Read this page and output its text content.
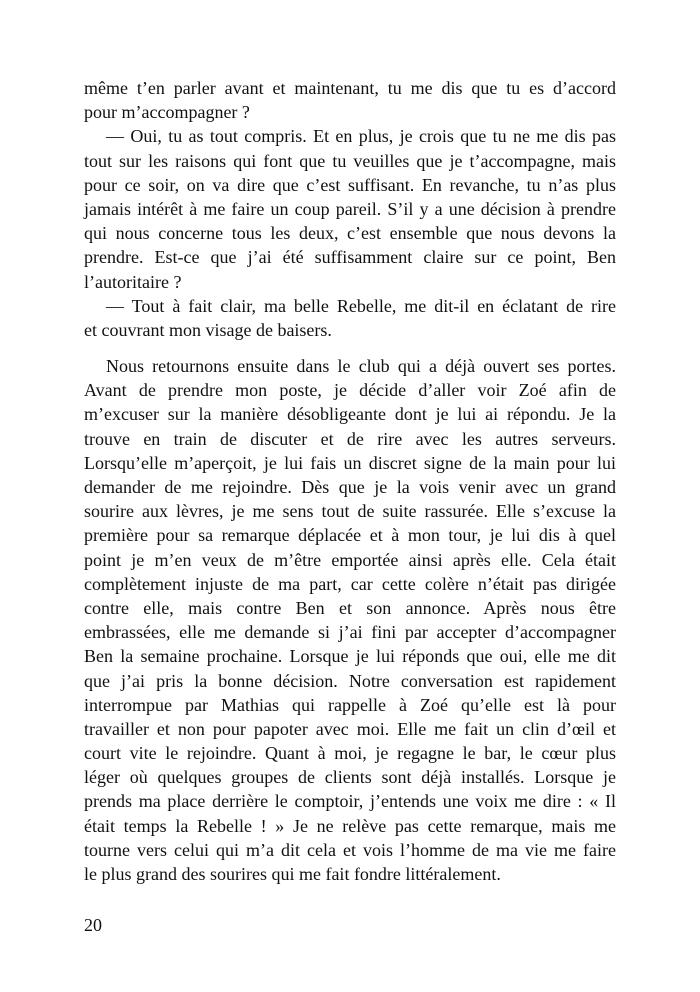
même t’en parler avant et maintenant, tu me dis que tu es d’accord
pour m’accompagner ?
— Oui, tu as tout compris. Et en plus, je crois que tu ne me dis pas
tout sur les raisons qui font que tu veuilles que je t’accompagne, mais
pour ce soir, on va dire que c’est suffisant. En revanche, tu n’as plus
jamais intérêt à me faire un coup pareil. S’il y a une décision à prendre
qui nous concerne tous les deux, c’est ensemble que nous devons la
prendre. Est-ce que j’ai été suffisamment claire sur ce point, Ben
l’autoritaire ?
— Tout à fait clair, ma belle Rebelle, me dit-il en éclatant de rire
et couvrant mon visage de baisers.
Nous retournons ensuite dans le club qui a déjà ouvert ses portes.
Avant de prendre mon poste, je décide d’aller voir Zoé afin de
m’excuser sur la manière désobligeante dont je lui ai répondu. Je la
trouve en train de discuter et de rire avec les autres serveurs.
Lorsqu’elle m’aperçoit, je lui fais un discret signe de la main pour lui
demander de me rejoindre. Dès que je la vois venir avec un grand
sourire aux lèvres, je me sens tout de suite rassurée. Elle s’excuse la
première pour sa remarque déplacée et à mon tour, je lui dis à quel
point je m’en veux de m’être emportée ainsi après elle. Cela était
complètement injuste de ma part, car cette colère n’était pas dirigée
contre elle, mais contre Ben et son annonce. Après nous être
embrassées, elle me demande si j’ai fini par accepter d’accompagner
Ben la semaine prochaine. Lorsque je lui réponds que oui, elle me dit
que j’ai pris la bonne décision. Notre conversation est rapidement
interrompue par Mathias qui rappelle à Zoé qu’elle est là pour
travailler et non pour papoter avec moi. Elle me fait un clin d’œil et
court vite le rejoindre. Quant à moi, je regagne le bar, le cœur plus
léger où quelques groupes de clients sont déjà installés. Lorsque je
prends ma place derrière le comptoir, j’entends une voix me dire : « Il
était temps la Rebelle ! » Je ne relève pas cette remarque, mais me
tourne vers celui qui m’a dit cela et vois l’homme de ma vie me faire
le plus grand des sourires qui me fait fondre littéralement.
20
